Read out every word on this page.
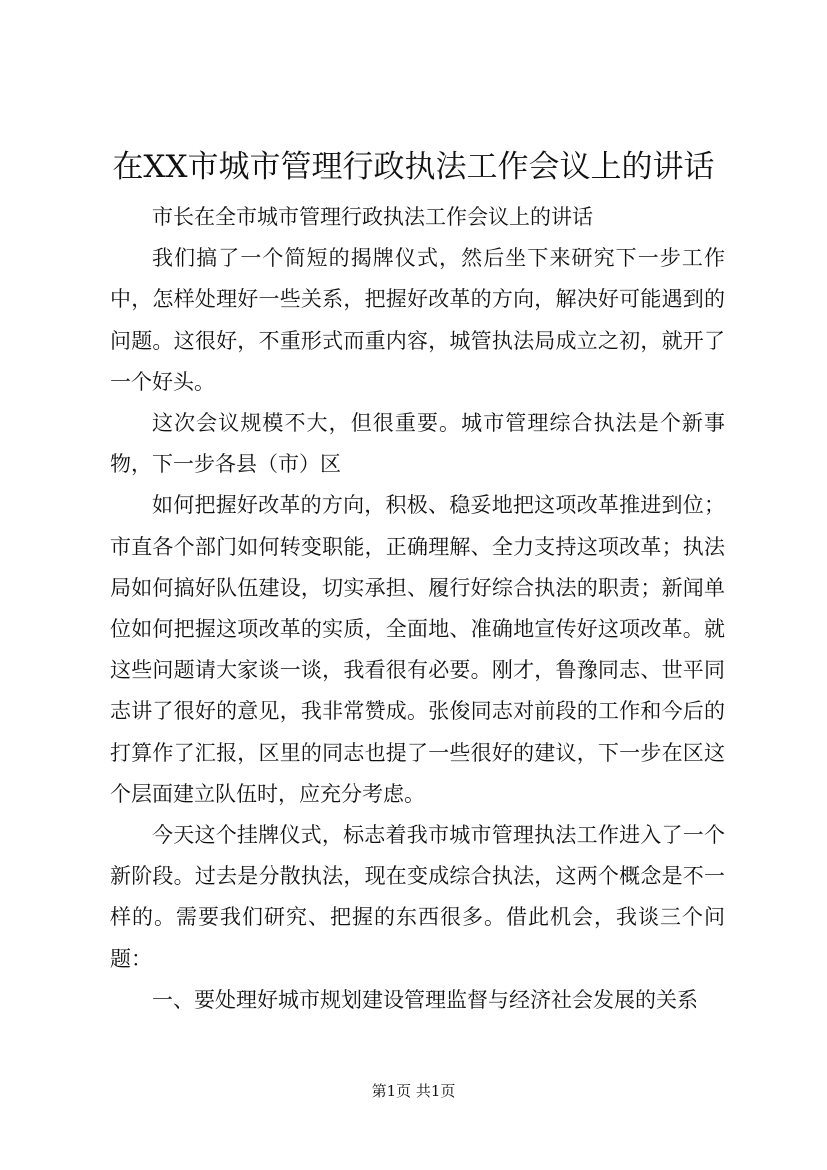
在XX市城市管理行政执法工作会议上的讲话

市长在全市城市管理行政执法工作会议上的讲话

我们搞了一个简短的揭牌仪式，然后坐下来研究下一步工作中，怎样处理好一些关系，把握好改革的方向，解决好可能遇到的问题。这很好，不重形式而重内容，城管执法局成立之初，就开了一个好头。

这次会议规模不大，但很重要。城市管理综合执法是个新事物，下一步各县（市）区

如何把握好改革的方向，积极、稳妥地把这项改革推进到位；市直各个部门如何转变职能，正确理解、全力支持这项改革；执法局如何搞好队伍建设，切实承担、履行好综合执法的职责；新闻单位如何把握这项改革的实质，全面地、准确地宣传好这项改革。就这些问题请大家谈一谈，我看很有必要。刚才，鲁豫同志、世平同志讲了很好的意见，我非常赞成。张俊同志对前段的工作和今后的打算作了汇报，区里的同志也提了一些很好的建议，下一步在区这个层面建立队伍时，应充分考虑。

今天这个挂牌仪式，标志着我市城市管理执法工作进入了一个新阶段。过去是分散执法，现在变成综合执法，这两个概念是不一样的。需要我们研究、把握的东西很多。借此机会，我谈三个问题：

一、要处理好城市规划建设管理监督与经济社会发展的关系

第1页 共1页
